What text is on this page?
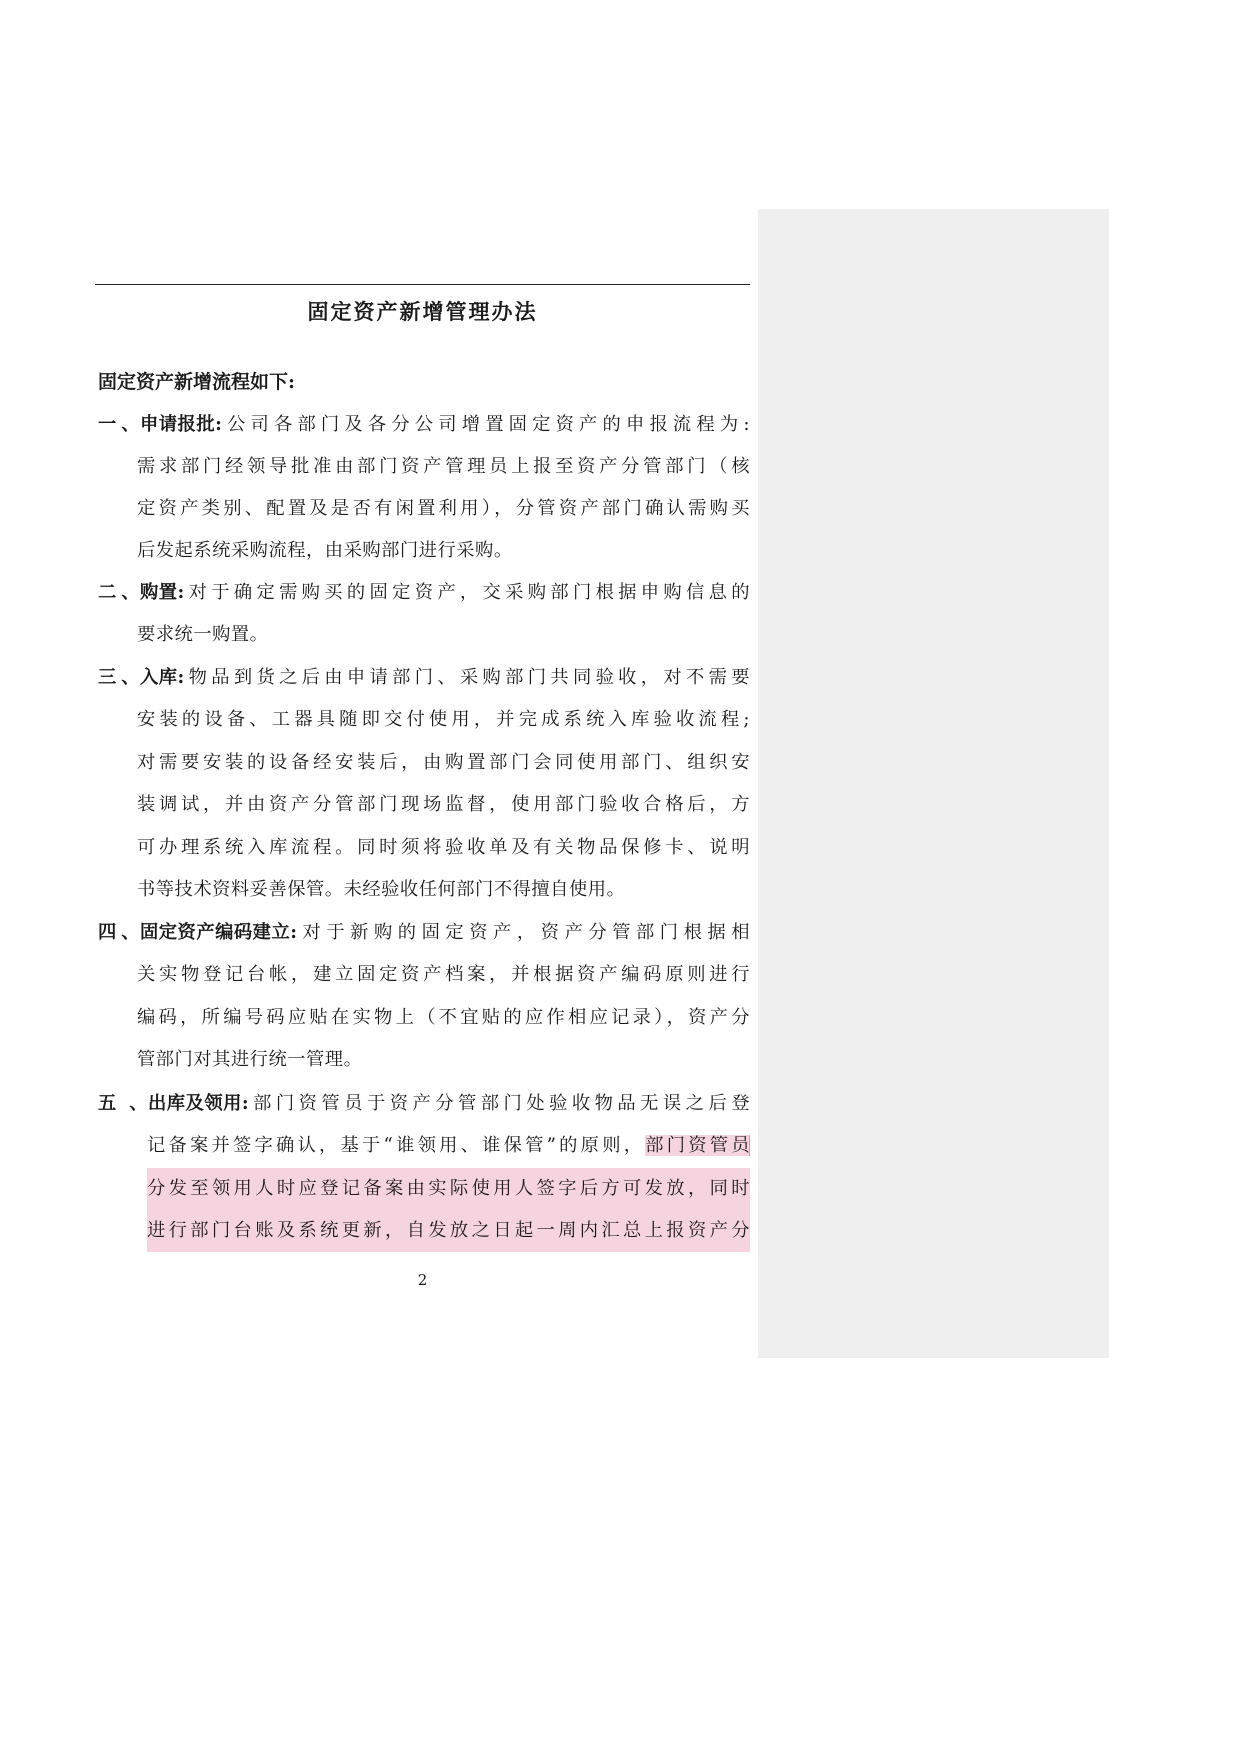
固定资产新增管理办法

固定资产新增流程如下:

一、申请报批:公司各部门及各分公司增置固定资产的申报流程为:
需求部门经领导批准由部门资产管理员上报至资产分管部门（核
定资产类别、配置及是否有闲置利用），分管资产部门确认需购买
后发起系统采购流程，由采购部门进行采购。
二、购置:对于确定需购买的固定资产，交采购部门根据申购信息的
要求统一购置。
三、入库:物品到货之后由申请部门、采购部门共同验收，对不需要
安装的设备、工器具随即交付使用，并完成系统入库验收流程;
对需要安装的设备经安装后，由购置部门会同使用部门、组织安
装调试，并由资产分管部门现场监督，使用部门验收合格后，方
可办理系统入库流程。同时须将验收单及有关物品保修卡、说明
书等技术资料妥善保管。未经验收任何部门不得擅自使用。
四、固定资产编码建立:对于新购的固定资产，资产分管部门根据相
关实物登记台帐，建立固定资产档案，并根据资产编码原则进行
编码，所编号码应贴在实物上（不宜贴的应作相应记录），资产分
管部门对其进行统一管理。
五、出库及领用:部门资管员于资产分管部门处验收物品无误之后登
记备案并签字确认，基于“谁领用、谁保管”的原则，部门资管员
分发至领用人时应登记备案由实际使用人签字后方可发放，同时
进行部门台账及系统更新，自发放之日起一周内汇总上报资产分

2
